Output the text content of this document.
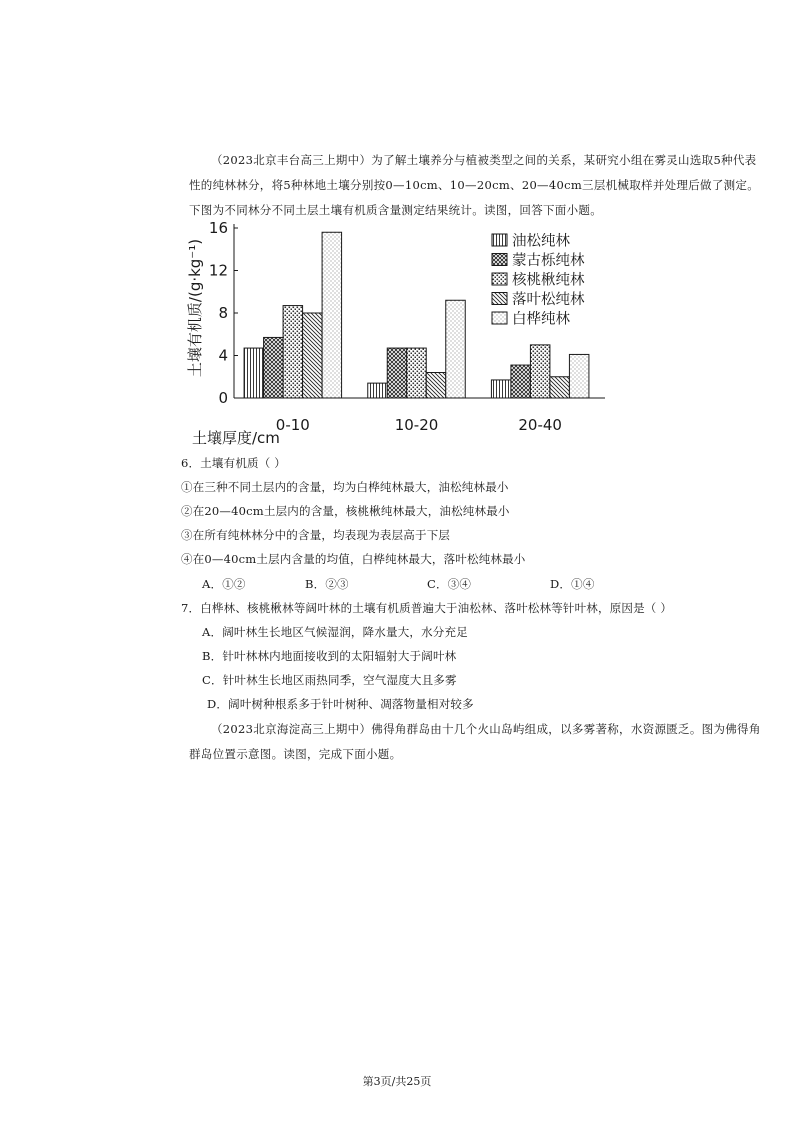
（2023北京丰台高三上期中）为了解土壤养分与植被类型之间的关系，某研究小组在雾灵山选取5种代表性的纯林林分，将5种林地土壤分别按0—10cm、10—20cm、20—40cm三层机械取样并处理后做了测定。下图为不同林分不同土层土壤有机质含量测定结果统计。读图，回答下面小题。
0
4
8
12
16
0-10	10-20	20-40
油松纯林
蒙古栎纯林
核桃楸纯林
落叶松纯林
白桦纯林
土壤有机质/(g·kg⁻¹)
土壤厚度/cm
6．土壤有机质（ ）
①在三种不同土层内的含量，均为白桦纯林最大，油松纯林最小
②在20—40cm土层内的含量，核桃楸纯林最大，油松纯林最小
③在所有纯林林分中的含量，均表现为表层高于下层
④在0—40cm土层内含量的均值，白桦纯林最大，落叶松纯林最小
A．①②	B．②③	C．③④	D．①④
7．白桦林、核桃楸林等阔叶林的土壤有机质普遍大于油松林、落叶松林等针叶林，原因是（ ）
A．阔叶林生长地区气候湿润，降水量大，水分充足
B．针叶林林内地面接收到的太阳辐射大于阔叶林
C．针叶林生长地区雨热同季，空气湿度大且多雾
D．阔叶树种根系多于针叶树种、凋落物量相对较多
（2023北京海淀高三上期中）佛得角群岛由十几个火山岛屿组成，以多雾著称，水资源匮乏。图为佛得角群岛位置示意图。读图，完成下面小题。
第3页/共25页
